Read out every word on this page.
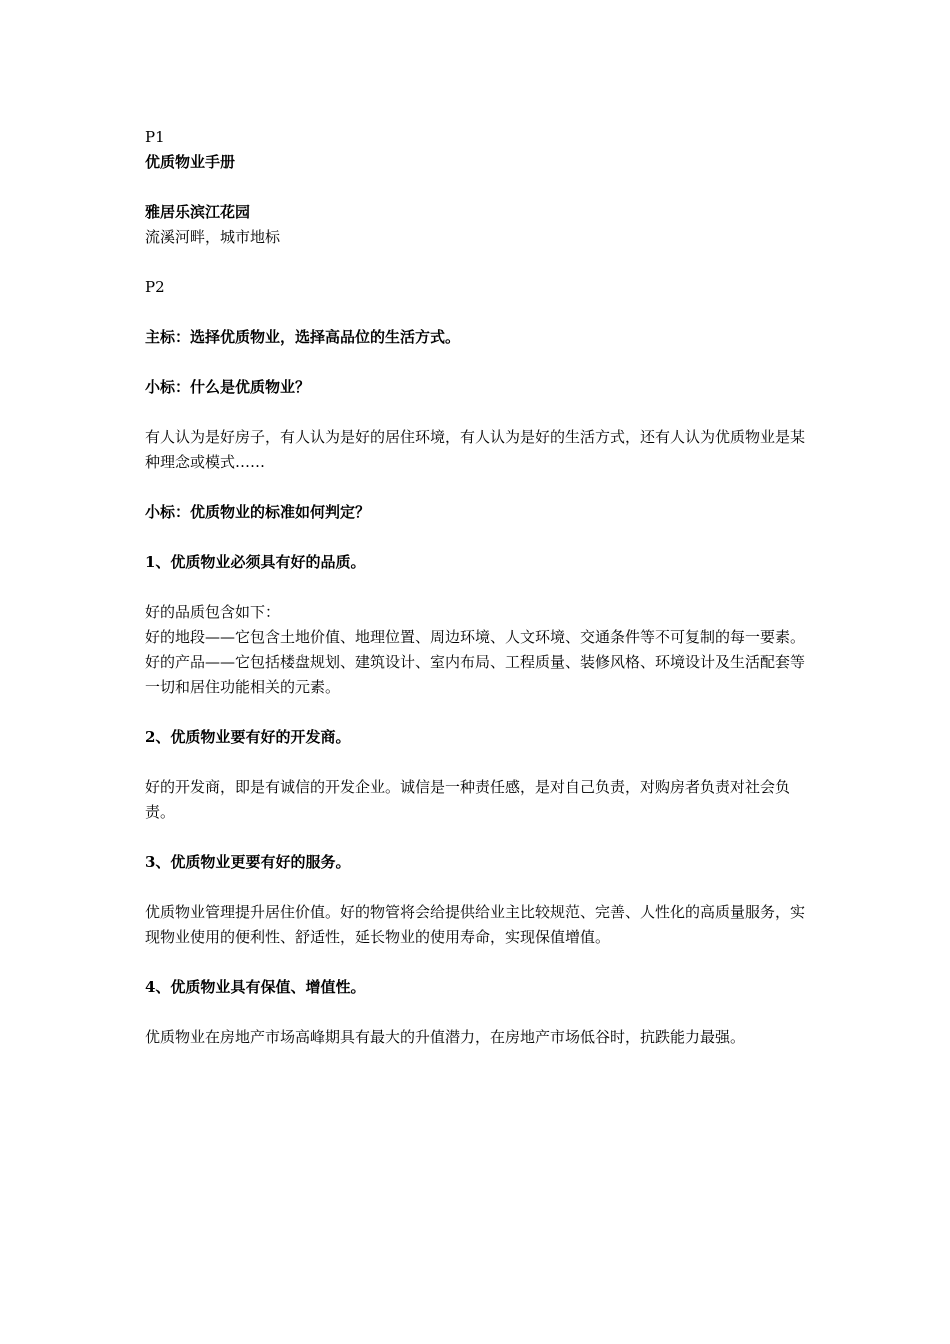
P1

优质物业手册

雅居乐滨江花园

流溪河畔，城市地标

P2

主标：选择优质物业，选择高品位的生活方式。

小标：什么是优质物业？

有人认为是好房子，有人认为是好的居住环境，有人认为是好的生活方式，还有人认为优质物业是某种理念或模式……

小标：优质物业的标准如何判定？

1、优质物业必须具有好的品质。

好的品质包含如下：

好的地段——它包含土地价值、地理位置、周边环境、人文环境、交通条件等不可复制的每一要素。

好的产品——它包括楼盘规划、建筑设计、室内布局、工程质量、装修风格、环境设计及生活配套等一切和居住功能相关的元素。

2、优质物业要有好的开发商。

好的开发商，即是有诚信的开发企业。诚信是一种责任感，是对自己负责，对购房者负责对社会负责。

3、优质物业更要有好的服务。

优质物业管理提升居住价值。好的物管将会给提供给业主比较规范、完善、人性化的高质量服务，实现物业使用的便利性、舒适性，延长物业的使用寿命，实现保值增值。

4、优质物业具有保值、增值性。

优质物业在房地产市场高峰期具有最大的升值潜力，在房地产市场低谷时，抗跌能力最强。
